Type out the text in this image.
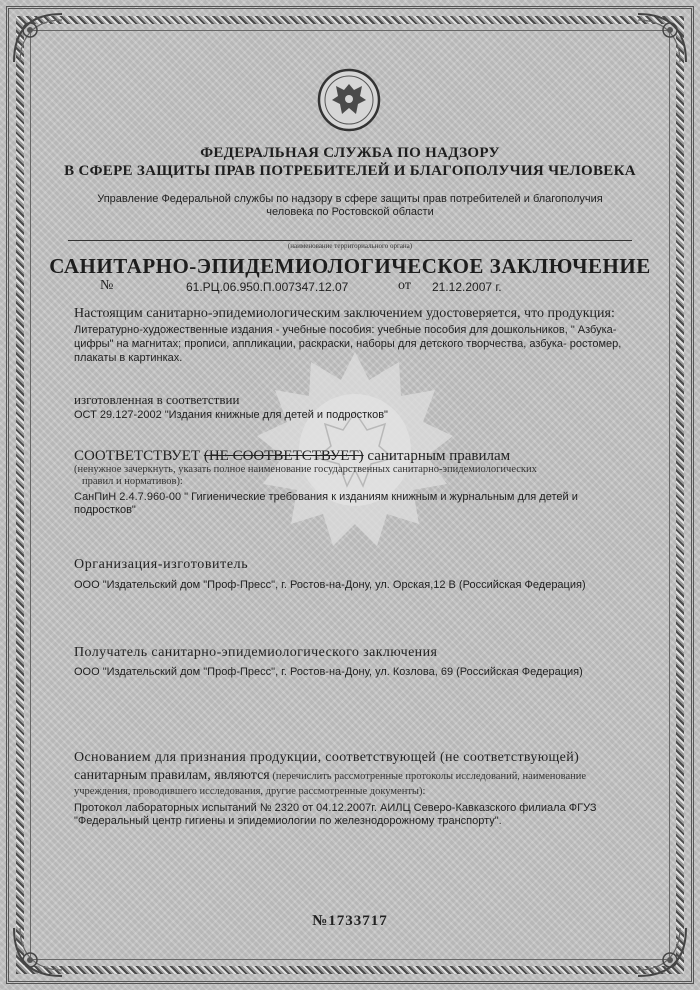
ФЕДЕРАЛЬНАЯ СЛУЖБА ПО НАДЗОРУ

В СФЕРЕ ЗАЩИТЫ ПРАВ ПОТРЕБИТЕЛЕЙ И БЛАГОПОЛУЧИЯ ЧЕЛОВЕКА

Управление Федеральной службы по надзору в сфере защиты прав потребителей и благополучия

человека по Ростовской области

(наименование территориального органа)

САНИТАРНО-ЭПИДЕМИОЛОГИЧЕСКОЕ ЗАКЛЮЧЕНИЕ

№	61.РЦ.06.950.П.007347.12.07	от 21.12.2007 г.

Настоящим санитарно-эпидемиологическим заключением удостоверяется, что продукция:

Литературно-художественные издания - учебные пособия: учебные пособия для дошкольников, " Азбука-

цифры" на магнитах; прописи, аппликации, раскраски, наборы для детского творчества, азбука- ростомер,

плакаты в картинках.

изготовленная в соответствии

ОСТ 29.127-2002 "Издания книжные для детей и подростков"

СООТВЕТСТВУЕТ (НЕ СООТВЕТСТВУЕТ) санитарным правилам

(ненужное зачеркнуть, указать полное наименование государственных санитарно-эпидемиологических

правил и нормативов):

СанПиН 2.4.7.960-00 " Гигиенические требования к изданиям книжным и журнальным для детей и

подростков"

Организация-изготовитель

ООО "Издательский дом "Проф-Пресс", г. Ростов-на-Дону, ул. Орская,12 В (Российская Федерация)

Получатель санитарно-эпидемиологического заключения

ООО "Издательский дом "Проф-Пресс", г. Ростов-на-Дону, ул. Козлова, 69 (Российская Федерация)

Основанием для признания продукции, соответствующей (не соответствующей)

санитарным правилам, являются (перечислить рассмотренные протоколы исследований, наименование

учреждения, проводившего исследования, другие рассмотренные документы):

Протокол лабораторных испытаний № 2320 от 04.12.2007г. АИЛЦ Северо-Кавказского филиала ФГУЗ

"Федеральный центр гигиены и эпидемиологии по железнодорожному транспорту".

№1733717
